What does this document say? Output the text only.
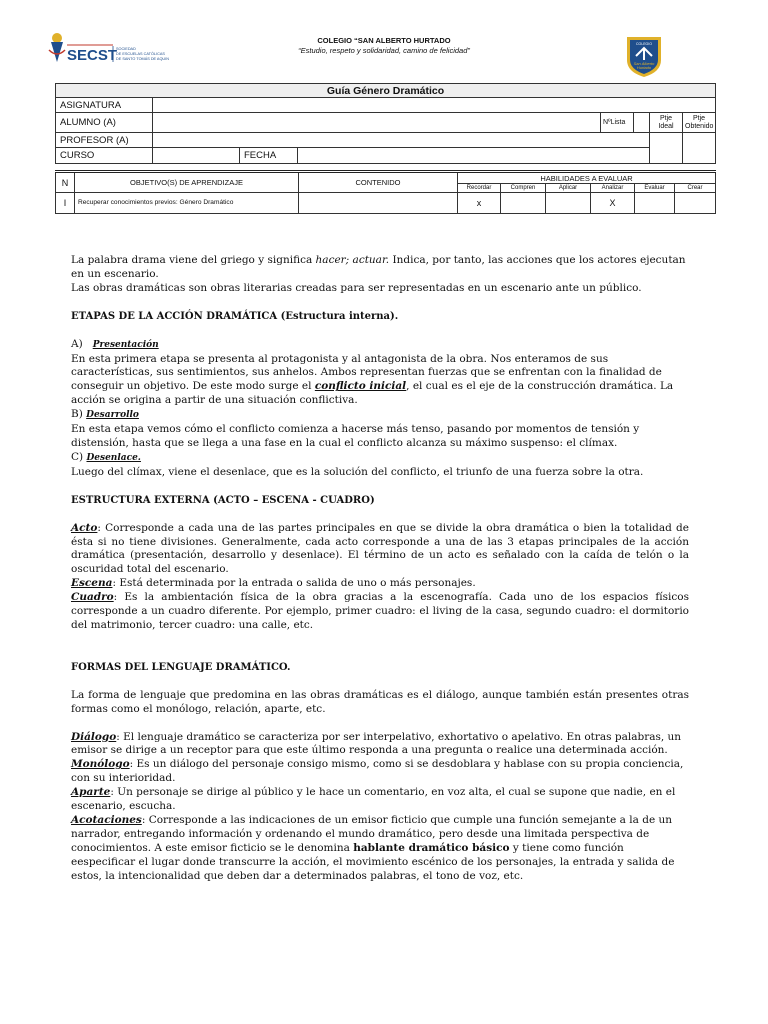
SECST
SOCIEDAD
DE ESCUELAS CATÓLICAS
DE SANTO TOMÁS DE AQUINO
COLEGIO “SAN ALBERTO HURTADO
“Estudio, respeto y solidaridad, camino de felicidad”
COLEGIO
San Alberto
Hurtado
Guía Género Dramático							
ASIGNATURA							
ALUMNO (A)				NºLista		Ptje Ideal	Ptje Obtenido
PROFESOR (A)							
CURSO		FECHA					
N	OBJETIVO(S) DE APRENDIZAJE	CONTENIDO	HABILIDADES A EVALUAR					
			Recordar	Compren	Aplicar	Analizar	Evaluar	Crear
I	Recuperar conocimientos previos: Género Dramático		x			X		

La palabra drama viene del griego y significa hacer; actuar. Indica, por tanto, las acciones que los actores ejecutan en un escenario.

Las obras dramáticas son obras literarias creadas para ser representadas en un escenario ante un público.

ETAPAS DE LA ACCIÓN DRAMÁTICA (Estructura interna).

A) Presentación

En esta primera etapa se presenta al protagonista y al antagonista de la obra. Nos enteramos de sus características, sus sentimientos, sus anhelos. Ambos representan fuerzas que se enfrentan con la finalidad de conseguir un objetivo. De este modo surge el conflicto inicial, el cual es el eje de la construcción dramática. La acción se origina a partir de una situación conflictiva.

B) Desarrollo

En esta etapa vemos cómo el conflicto comienza a hacerse más tenso, pasando por momentos de tensión y distensión, hasta que se llega a una fase en la cual el conflicto alcanza su máximo suspenso: el clímax.

C) Desenlace.

Luego del clímax, viene el desenlace, que es la solución del conflicto, el triunfo de una fuerza sobre la otra.

ESTRUCTURA EXTERNA (ACTO – ESCENA - CUADRO)

Acto: Corresponde a cada una de las partes principales en que se divide la obra dramática o bien la totalidad de ésta si no tiene divisiones. Generalmente, cada acto corresponde a una de las 3 etapas principales de la acción dramática (presentación, desarrollo y desenlace). El término de un acto es señalado con la caída de telón o la oscuridad total del escenario.

Escena: Está determinada por la entrada o salida de uno o más personajes.

Cuadro: Es la ambientación física de la obra gracias a la escenografía. Cada uno de los espacios físicos corresponde a un cuadro diferente. Por ejemplo, primer cuadro: el living de la casa, segundo cuadro: el dormitorio del matrimonio, tercer cuadro: una calle, etc.

FORMAS DEL LENGUAJE DRAMÁTICO.

La forma de lenguaje que predomina en las obras dramáticas es el diálogo, aunque también están presentes otras formas como el monólogo, relación, aparte, etc.

Diálogo: El lenguaje dramático se caracteriza por ser interpelativo, exhortativo o apelativo. En otras palabras, un emisor se dirige a un receptor para que este último responda a una pregunta o realice una determinada acción.

Monólogo: Es un diálogo del personaje consigo mismo, como si se desdoblara y hablase con su propia conciencia, con su interioridad.

Aparte: Un personaje se dirige al público y le hace un comentario, en voz alta, el cual se supone que nadie, en el escenario, escucha.

Acotaciones: Corresponde a las indicaciones de un emisor ficticio que cumple una función semejante a la de un narrador, entregando información y ordenando el mundo dramático, pero desde una limitada perspectiva de conocimientos. A este emisor ficticio se le denomina hablante dramático básico y tiene como función eespecificar el lugar donde transcurre la acción, el movimiento escénico de los personajes, la entrada y salida de estos, la intencionalidad que deben dar a determinados palabras, el tono de voz, etc.
